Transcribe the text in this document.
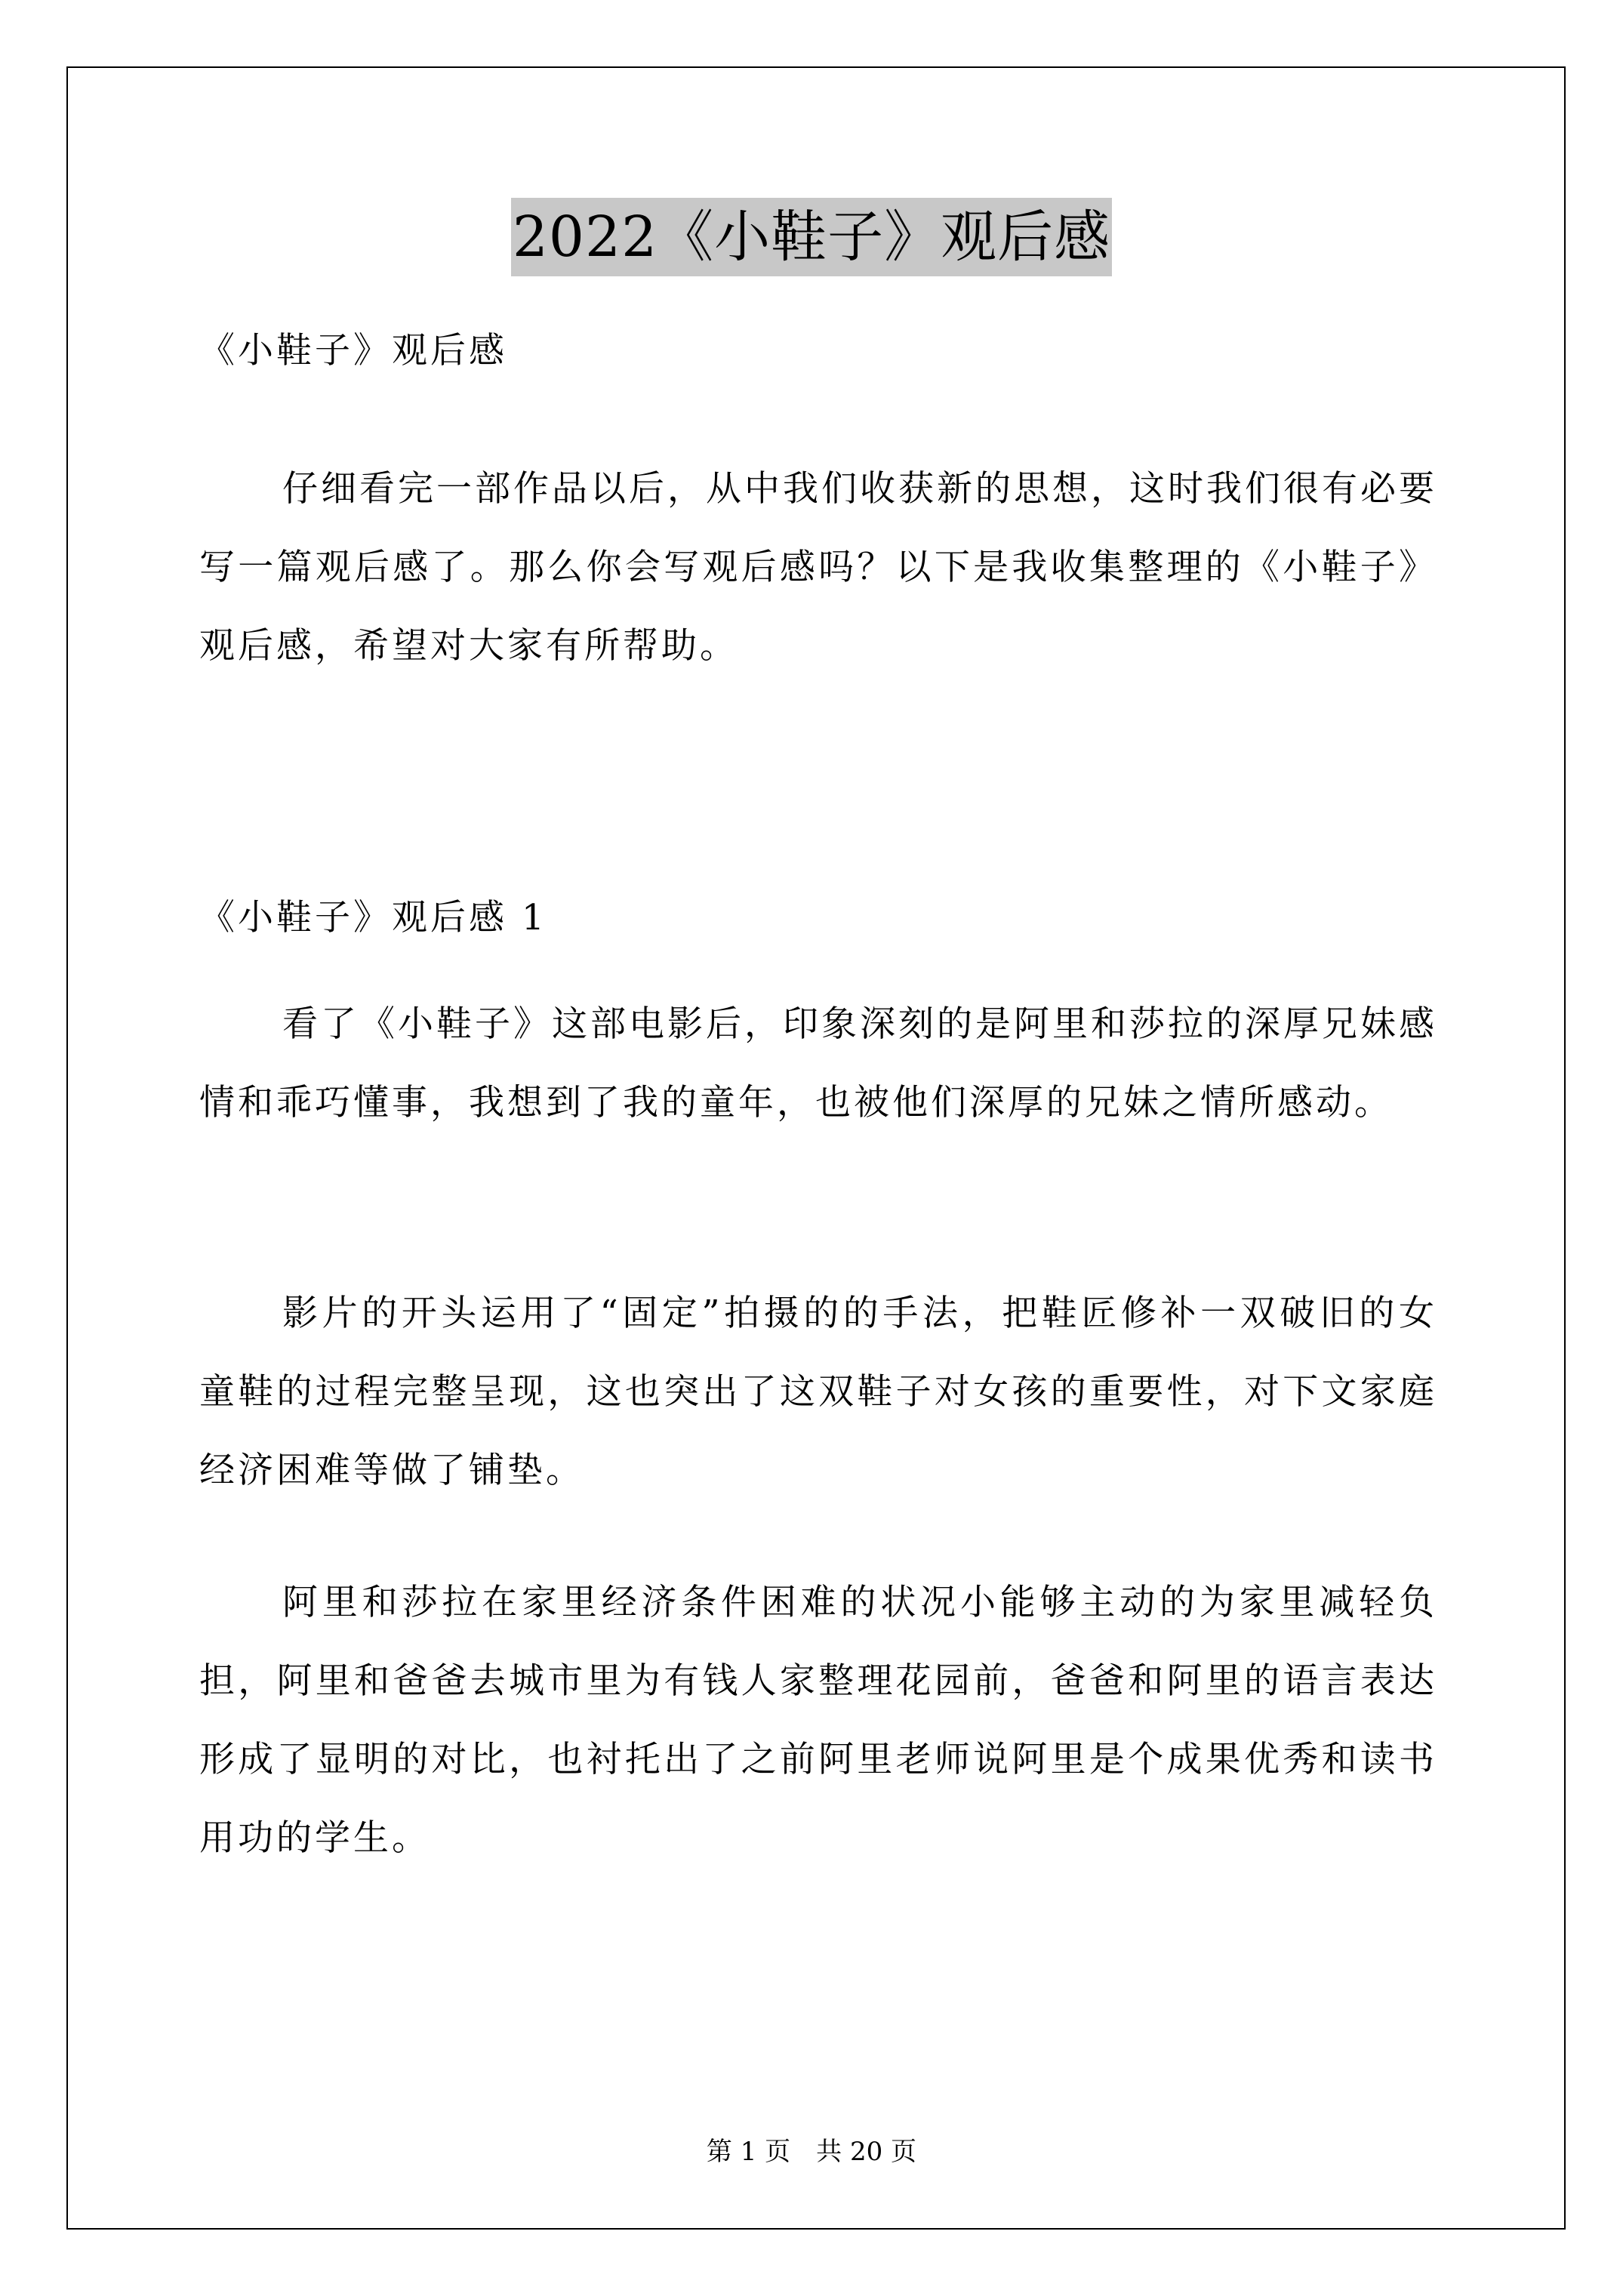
2022《小鞋子》观后感

《小鞋子》观后感

仔细看完一部作品以后，从中我们收获新的思想，这时我们很有必要写一篇观后感了。那么你会写观后感吗？以下是我收集整理的《小鞋子》观后感，希望对大家有所帮助。

《小鞋子》观后感 1

看了《小鞋子》这部电影后，印象深刻的是阿里和莎拉的深厚兄妹感情和乖巧懂事，我想到了我的童年，也被他们深厚的兄妹之情所感动。

影片的开头运用了“固定”拍摄的的手法，把鞋匠修补一双破旧的女童鞋的过程完整呈现，这也突出了这双鞋子对女孩的重要性，对下文家庭经济困难等做了铺垫。

阿里和莎拉在家里经济条件困难的状况小能够主动的为家里减轻负担，阿里和爸爸去城市里为有钱人家整理花园前，爸爸和阿里的语言表达形成了显明的对比，也衬托出了之前阿里老师说阿里是个成果优秀和读书用功的学生。

第 1 页 共 20 页
